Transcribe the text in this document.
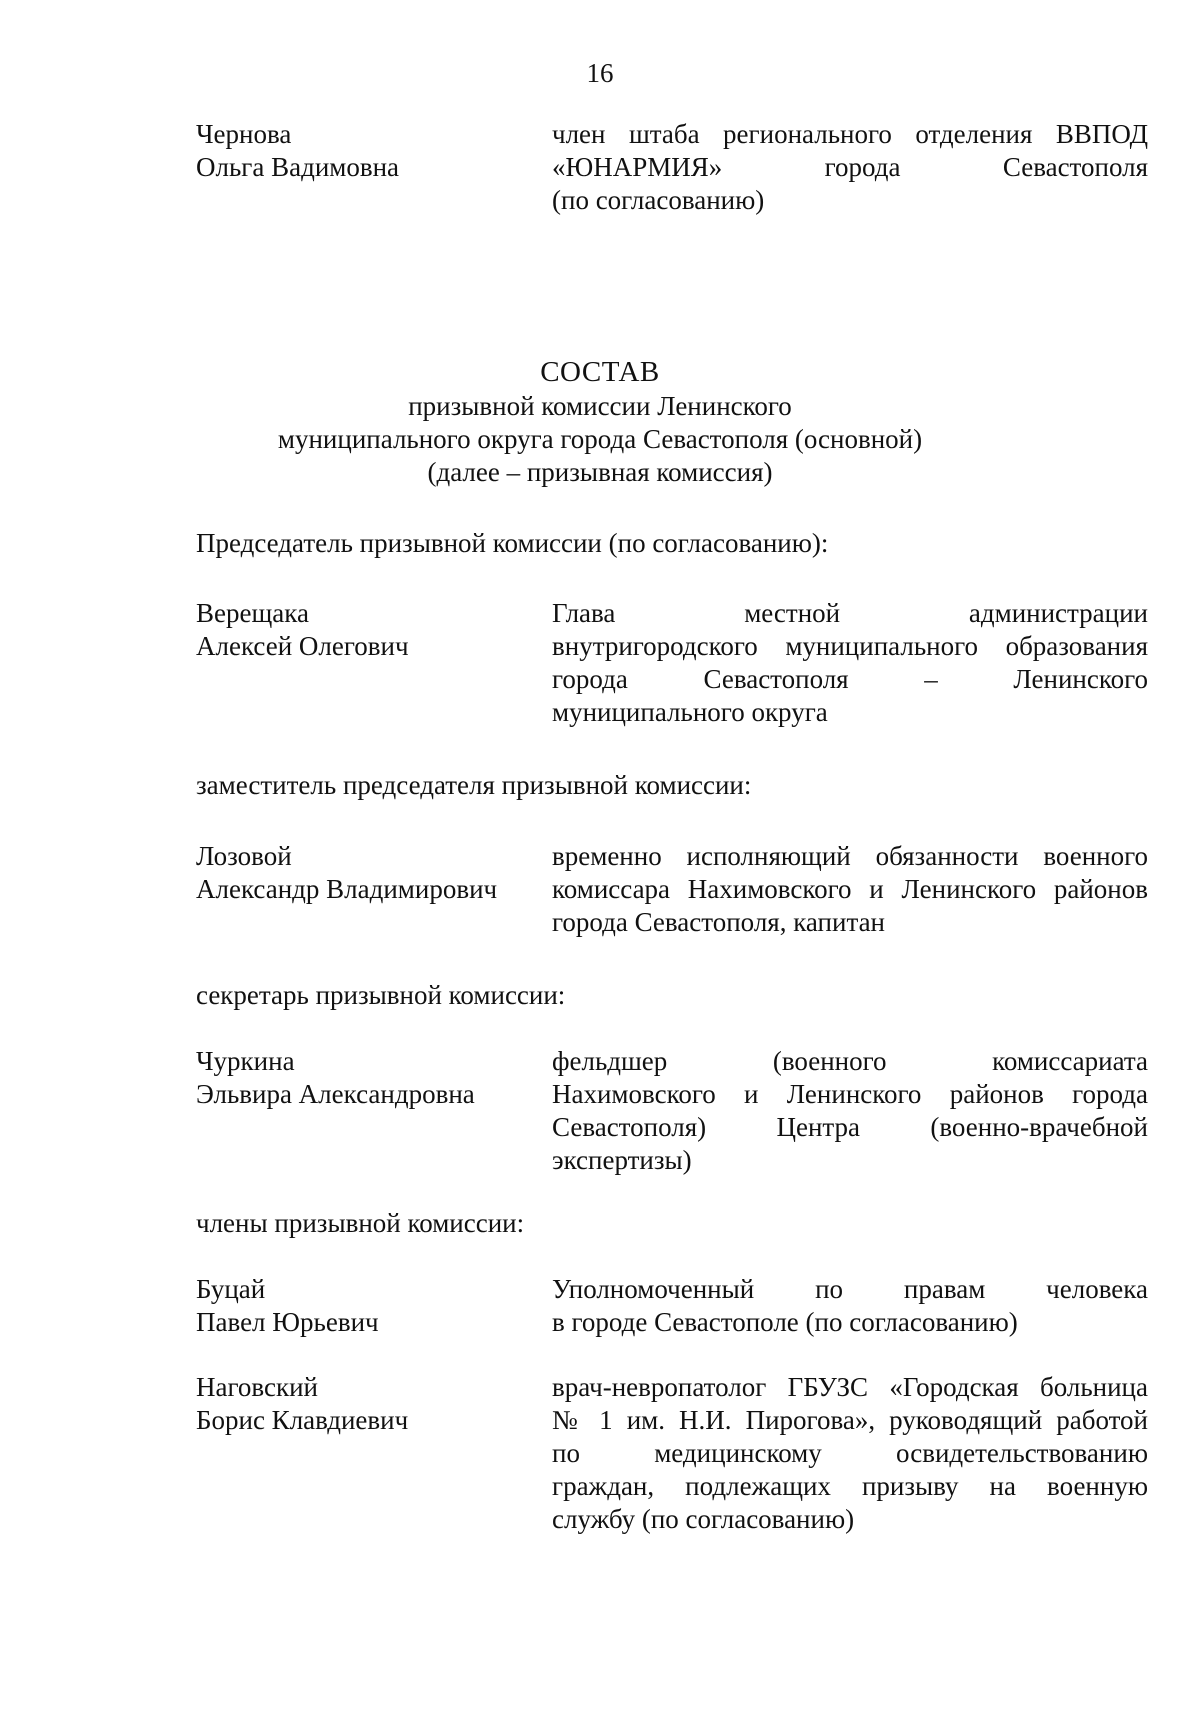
16
Чернова
Ольга Вадимовна
член штаба регионального отделения ВВПОД
«ЮНАРМИЯ» города Севастополя
(по согласованию)
СОСТАВ
призывной комиссии Ленинского
муниципального округа города Севастополя (основной)
(далее – призывная комиссия)
Председатель призывной комиссии (по согласованию):
Верещака
Алексей Олегович
Глава местной администрации
внутригородского муниципального образования
города Севастополя – Ленинского
муниципального округа
заместитель председателя призывной комиссии:
Лозовой
Александр Владимирович
временно исполняющий обязанности военного
комиссара Нахимовского и Ленинского районов
города Севастополя, капитан
секретарь призывной комиссии:
Чуркина
Эльвира Александровна
фельдшер (военного комиссариата
Нахимовского и Ленинского районов города
Севастополя) Центра (военно-врачебной
экспертизы)
члены призывной комиссии:
Буцай
Павел Юрьевич
Уполномоченный по правам человека
в городе Севастополе (по согласованию)
Наговский
Борис Клавдиевич
врач-невропатолог ГБУЗС «Городская больница
№ 1 им. Н.И. Пирогова», руководящий работой
по медицинскому освидетельствованию
граждан, подлежащих призыву на военную
службу (по согласованию)
